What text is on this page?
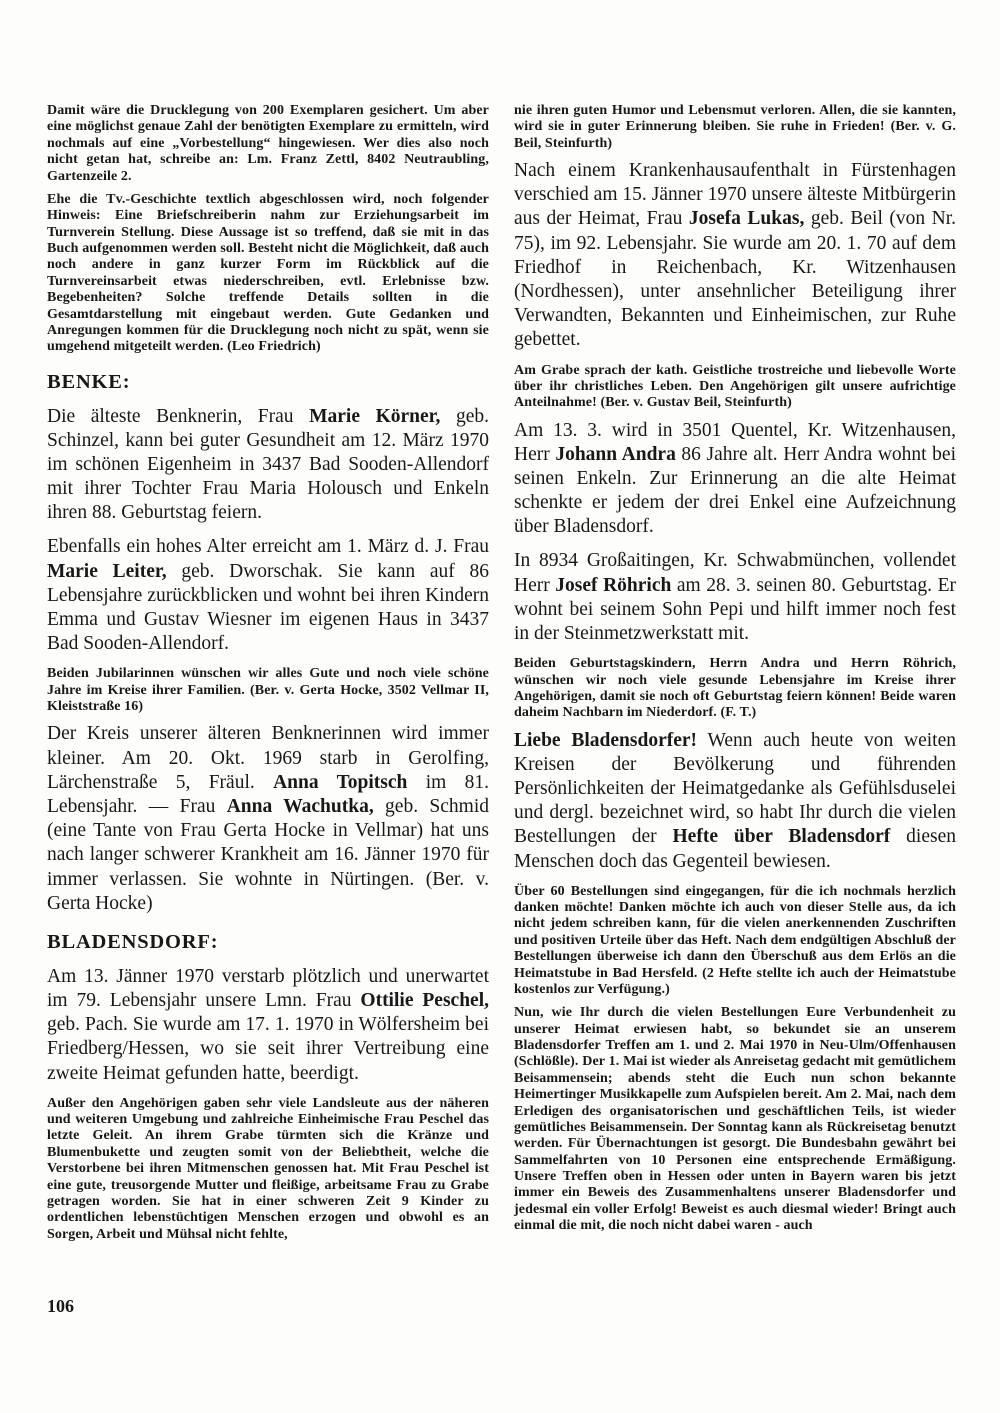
Damit wäre die Drucklegung von 200 Exemplaren gesichert. Um aber eine möglichst genaue Zahl der benötigten Exemplare zu ermitteln, wird nochmals auf eine „Vorbestellung“ hingewiesen. Wer dies also noch nicht getan hat, schreibe an: Lm. Franz Zettl, 8402 Neutraubling, Gartenzeile 2.
Ehe die Tv.-Geschichte textlich abgeschlossen wird, noch folgender Hinweis: Eine Briefschreiberin nahm zur Erziehungsarbeit im Turnverein Stellung. Diese Aussage ist so treffend, daß sie mit in das Buch aufgenommen werden soll. Besteht nicht die Möglichkeit, daß auch noch andere in ganz kurzer Form im Rückblick auf die Turnvereinsarbeit etwas niederschreiben, evtl. Erlebnisse bzw. Begebenheiten? Solche treffende Details sollten in die Gesamtdarstellung mit eingebaut werden. Gute Gedanken und Anregungen kommen für die Drucklegung noch nicht zu spät, wenn sie umgehend mitgeteilt werden. (Leo Friedrich)
BENKE:
Die älteste Benknerin, Frau Marie Körner, geb. Schinzel, kann bei guter Gesundheit am 12. März 1970 im schönen Eigenheim in 3437 Bad Sooden-Allendorf mit ihrer Tochter Frau Maria Holousch und Enkeln ihren 88. Geburtstag feiern.
Ebenfalls ein hohes Alter erreicht am 1. März d. J. Frau Marie Leiter, geb. Dworschak. Sie kann auf 86 Lebensjahre zurückblicken und wohnt bei ihren Kindern Emma und Gustav Wiesner im eigenen Haus in 3437 Bad Sooden-Allendorf.
Beiden Jubilarinnen wünschen wir alles Gute und noch viele schöne Jahre im Kreise ihrer Familien. (Ber. v. Gerta Hocke, 3502 Vellmar II, Kleiststraße 16)
Der Kreis unserer älteren Benknerinnen wird immer kleiner. Am 20. Okt. 1969 starb in Gerolfing, Lärchenstraße 5, Fräul. Anna Topitsch im 81. Lebensjahr. — Frau Anna Wachutka, geb. Schmid (eine Tante von Frau Gerta Hocke in Vellmar) hat uns nach langer schwerer Krankheit am 16. Jänner 1970 für immer verlassen. Sie wohnte in Nürtingen. (Ber. v. Gerta Hocke)
BLADENSDORF:
Am 13. Jänner 1970 verstarb plötzlich und unerwartet im 79. Lebensjahr unsere Lmn. Frau Ottilie Peschel, geb. Pach. Sie wurde am 17. 1. 1970 in Wölfersheim bei Friedberg/Hessen, wo sie seit ihrer Vertreibung eine zweite Heimat gefunden hatte, beerdigt.
Außer den Angehörigen gaben sehr viele Landsleute aus der näheren und weiteren Umgebung und zahlreiche Einheimische Frau Peschel das letzte Geleit. An ihrem Grabe türmten sich die Kränze und Blumenbukette und zeugten somit von der Beliebtheit, welche die Verstorbene bei ihren Mitmenschen genossen hat. Mit Frau Peschel ist eine gute, treusorgende Mutter und fleißige, arbeitsame Frau zu Grabe getragen worden. Sie hat in einer schweren Zeit 9 Kinder zu ordentlichen lebenstüchtigen Menschen erzogen und obwohl es an Sorgen, Arbeit und Mühsal nicht fehlte,
nie ihren guten Humor und Lebensmut verloren. Allen, die sie kannten, wird sie in guter Erinnerung bleiben. Sie ruhe in Frieden! (Ber. v. G. Beil, Steinfurth)
Nach einem Krankenhausaufenthalt in Fürstenhagen verschied am 15. Jänner 1970 unsere älteste Mitbürgerin aus der Heimat, Frau Josefa Lukas, geb. Beil (von Nr. 75), im 92. Lebensjahr. Sie wurde am 20. 1. 70 auf dem Friedhof in Reichenbach, Kr. Witzenhausen (Nordhessen), unter ansehnlicher Beteiligung ihrer Verwandten, Bekannten und Einheimischen, zur Ruhe gebettet.
Am Grabe sprach der kath. Geistliche trostreiche und liebevolle Worte über ihr christliches Leben. Den Angehörigen gilt unsere aufrichtige Anteilnahme! (Ber. v. Gustav Beil, Steinfurth)
Am 13. 3. wird in 3501 Quentel, Kr. Witzenhausen, Herr Johann Andra 86 Jahre alt. Herr Andra wohnt bei seinen Enkeln. Zur Erinnerung an die alte Heimat schenkte er jedem der drei Enkel eine Aufzeichnung über Bladensdorf.
In 8934 Großaitingen, Kr. Schwabmünchen, vollendet Herr Josef Röhrich am 28. 3. seinen 80. Geburtstag. Er wohnt bei seinem Sohn Pepi und hilft immer noch fest in der Steinmetzwerkstatt mit.
Beiden Geburtstagskindern, Herrn Andra und Herrn Röhrich, wünschen wir noch viele gesunde Lebensjahre im Kreise ihrer Angehörigen, damit sie noch oft Geburtstag feiern können! Beide waren daheim Nachbarn im Niederdorf. (F. T.)
Liebe Bladensdorfer! Wenn auch heute von weiten Kreisen der Bevölkerung und führenden Persönlichkeiten der Heimatgedanke als Gefühlsduselei und dergl. bezeichnet wird, so habt Ihr durch die vielen Bestellungen der Hefte über Bladensdorf diesen Menschen doch das Gegenteil bewiesen.
Über 60 Bestellungen sind eingegangen, für die ich nochmals herzlich danken möchte! Danken möchte ich auch von dieser Stelle aus, da ich nicht jedem schreiben kann, für die vielen anerkennenden Zuschriften und positiven Urteile über das Heft. Nach dem endgültigen Abschluß der Bestellungen überweise ich dann den Überschuß aus dem Erlös an die Heimatstube in Bad Hersfeld. (2 Hefte stellte ich auch der Heimatstube kostenlos zur Verfügung.)
Nun, wie Ihr durch die vielen Bestellungen Eure Verbundenheit zu unserer Heimat erwiesen habt, so bekundet sie an unserem Bladensdorfer Treffen am 1. und 2. Mai 1970 in Neu-Ulm/Offenhausen (Schlößle). Der 1. Mai ist wieder als Anreisetag gedacht mit gemütlichem Beisammensein; abends steht die Euch nun schon bekannte Heimertinger Musikkapelle zum Aufspielen bereit. Am 2. Mai, nach dem Erledigen des organisatorischen und geschäftlichen Teils, ist wieder gemütliches Beisammensein. Der Sonntag kann als Rückreisetag benutzt werden. Für Übernachtungen ist gesorgt. Die Bundesbahn gewährt bei Sammelfahrten von 10 Personen eine entsprechende Ermäßigung. Unsere Treffen oben in Hessen oder unten in Bayern waren bis jetzt immer ein Beweis des Zusammenhaltens unserer Bladensdorfer und jedesmal ein voller Erfolg! Beweist es auch diesmal wieder! Bringt auch einmal die mit, die noch nicht dabei waren - auch
106
